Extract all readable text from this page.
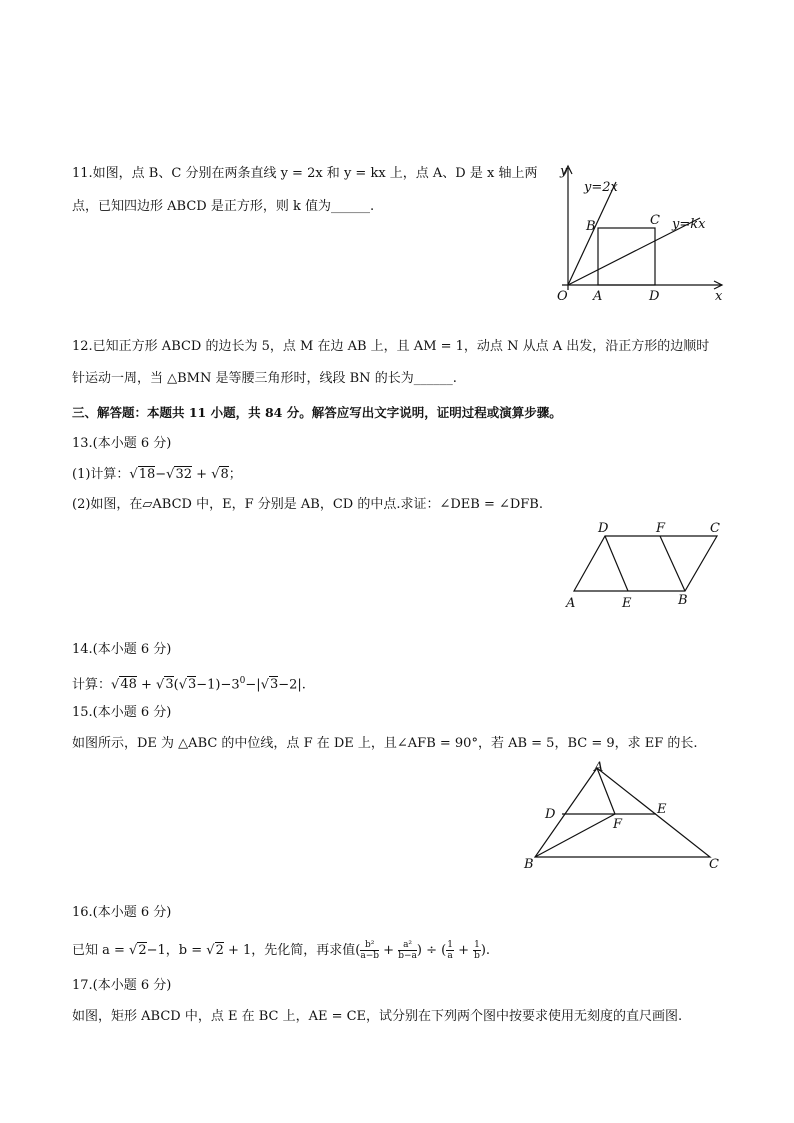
11.如图，点 B、C 分别在两条直线 y = 2x 和 y = kx 上，点 A、D 是 x 轴上两
点，已知四边形 ABCD 是正方形，则 k 值为______.
y
x
O
y=2x
y=kx
A
B	C
D
12.已知正方形 ABCD 的边长为 5，点 M 在边 AB 上，且 AM = 1，动点 N 从点 A 出发，沿正方形的边顺时
针运动一周，当 △BMN 是等腰三角形时，线段 BN 的长为______.
三、解答题：本题共 11 小题，共 84 分。解答应写出文字说明，证明过程或演算步骤。
13.(本小题 6 分)
(1)计算：√18−√32 + √8；
(2)如图，在▱ABCD 中，E，F 分别是 AB，CD 的中点.求证：∠DEB = ∠DFB.
A	B
C
D
E
F
14.(本小题 6 分)
计算：$√48 + √3(√3-1)-3^0-|√3-2|$.
15.(本小题 6 分)
如图所示，DE 为 △ABC 的中位线，点 F 在 DE 上，且∠AFB = 90°，若 AB = 5，BC = 9，求 EF 的长.
A
B	C
D	E
F
16.(本小题 6 分)
已知 a = √2−1，b = √2 + 1，先化简，再求值( $\frac{\text{b²}}{a-b} + \frac{\text{a²}}{b-a}$ ) ÷ ( $\frac{1}{a} + \frac{1}{b}$ ).
17.(本小题 6 分)
如图，矩形 ABCD 中，点 E 在 BC 上，AE = CE，试分别在下列两个图中按要求使用无刻度的直尺画图.
